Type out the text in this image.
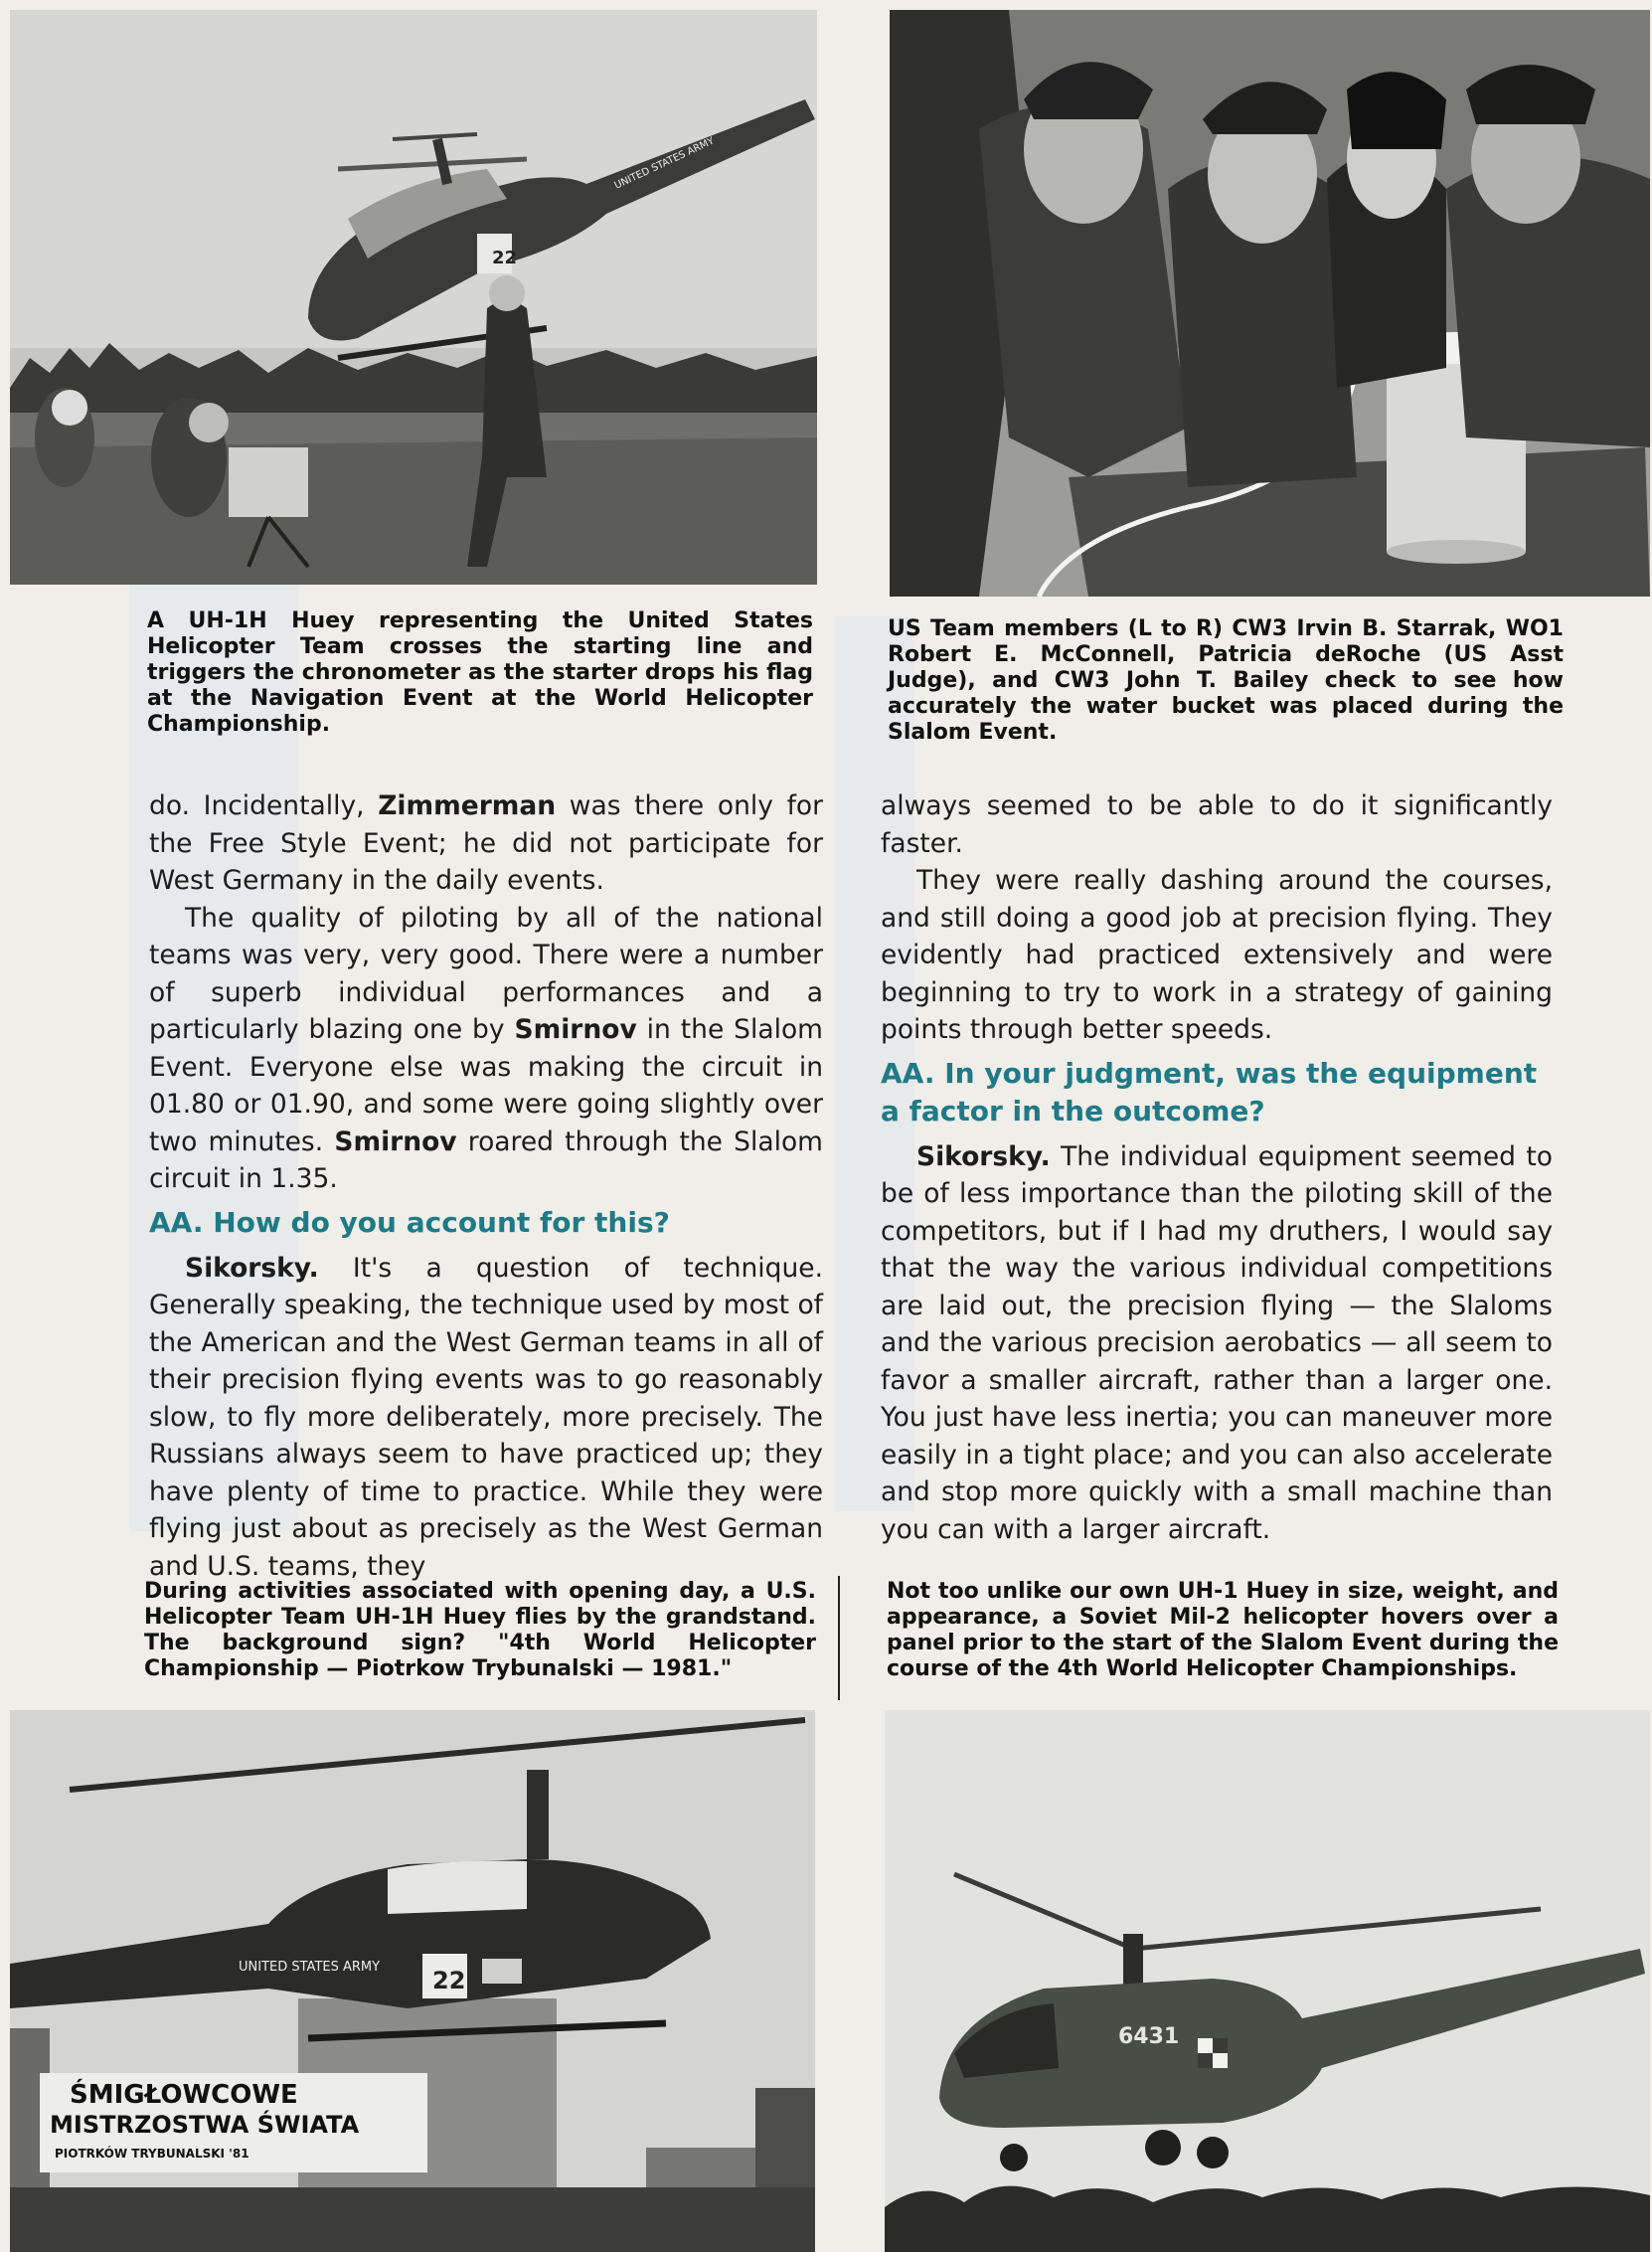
UNITED STATES ARMY
22

A UH-1H Huey representing the United States Helicopter Team crosses the starting line and triggers the chronometer as the starter drops his flag at the Navigation Event at the World Helicopter Championship.

US Team members (L to R) CW3 Irvin B. Starrak, WO1 Robert E. McConnell, Patricia deRoche (US Asst Judge), and CW3 John T. Bailey check to see how accurately the water bucket was placed during the Slalom Event.

do. Incidentally, Zimmerman was there only for the Free Style Event; he did not participate for West Germany in the daily events.

The quality of piloting by all of the national teams was very, very good. There were a number of superb individual performances and a particularly blazing one by Smirnov in the Slalom Event. Everyone else was making the circuit in 01.80 or 01.90, and some were going slightly over two minutes. Smirnov roared through the Slalom circuit in 1.35.

AA. How do you account for this?

Sikorsky. It's a question of technique. Generally speaking, the technique used by most of the American and the West German teams in all of their precision flying events was to go reasonably slow, to fly more deliberately, more precisely. The Russians always seem to have practiced up; they have plenty of time to practice. While they were flying just about as precisely as the West German and U.S. teams, they

always seemed to be able to do it significantly faster.

They were really dashing around the courses, and still doing a good job at precision flying. They evidently had practiced extensively and were beginning to try to work in a strategy of gaining points through better speeds.

AA. In your judgment, was the equipment a factor in the outcome?

Sikorsky. The individual equipment seemed to be of less importance than the piloting skill of the competitors, but if I had my druthers, I would say that the way the various individual competitions are laid out, the precision flying — the Slaloms and the various precision aerobatics — all seem to favor a smaller aircraft, rather than a larger one. You just have less inertia; you can maneuver more easily in a tight place; and you can also accelerate and stop more quickly with a small machine than you can with a larger aircraft.

During activities associated with opening day, a U.S. Helicopter Team UH-1H Huey flies by the grandstand. The background sign? "4th World Helicopter Championship — Piotrkow Trybunalski — 1981."

Not too unlike our own UH-1 Huey in size, weight, and appearance, a Soviet Mil-2 helicopter hovers over a panel prior to the start of the Slalom Event during the course of the 4th World Helicopter Championships.

ŚMIGŁOWCOWE
MISTRZOSTWA ŚWIATA
PIOTRKÓW TRYBUNALSKI '81
UNITED STATES ARMY 22
6431
